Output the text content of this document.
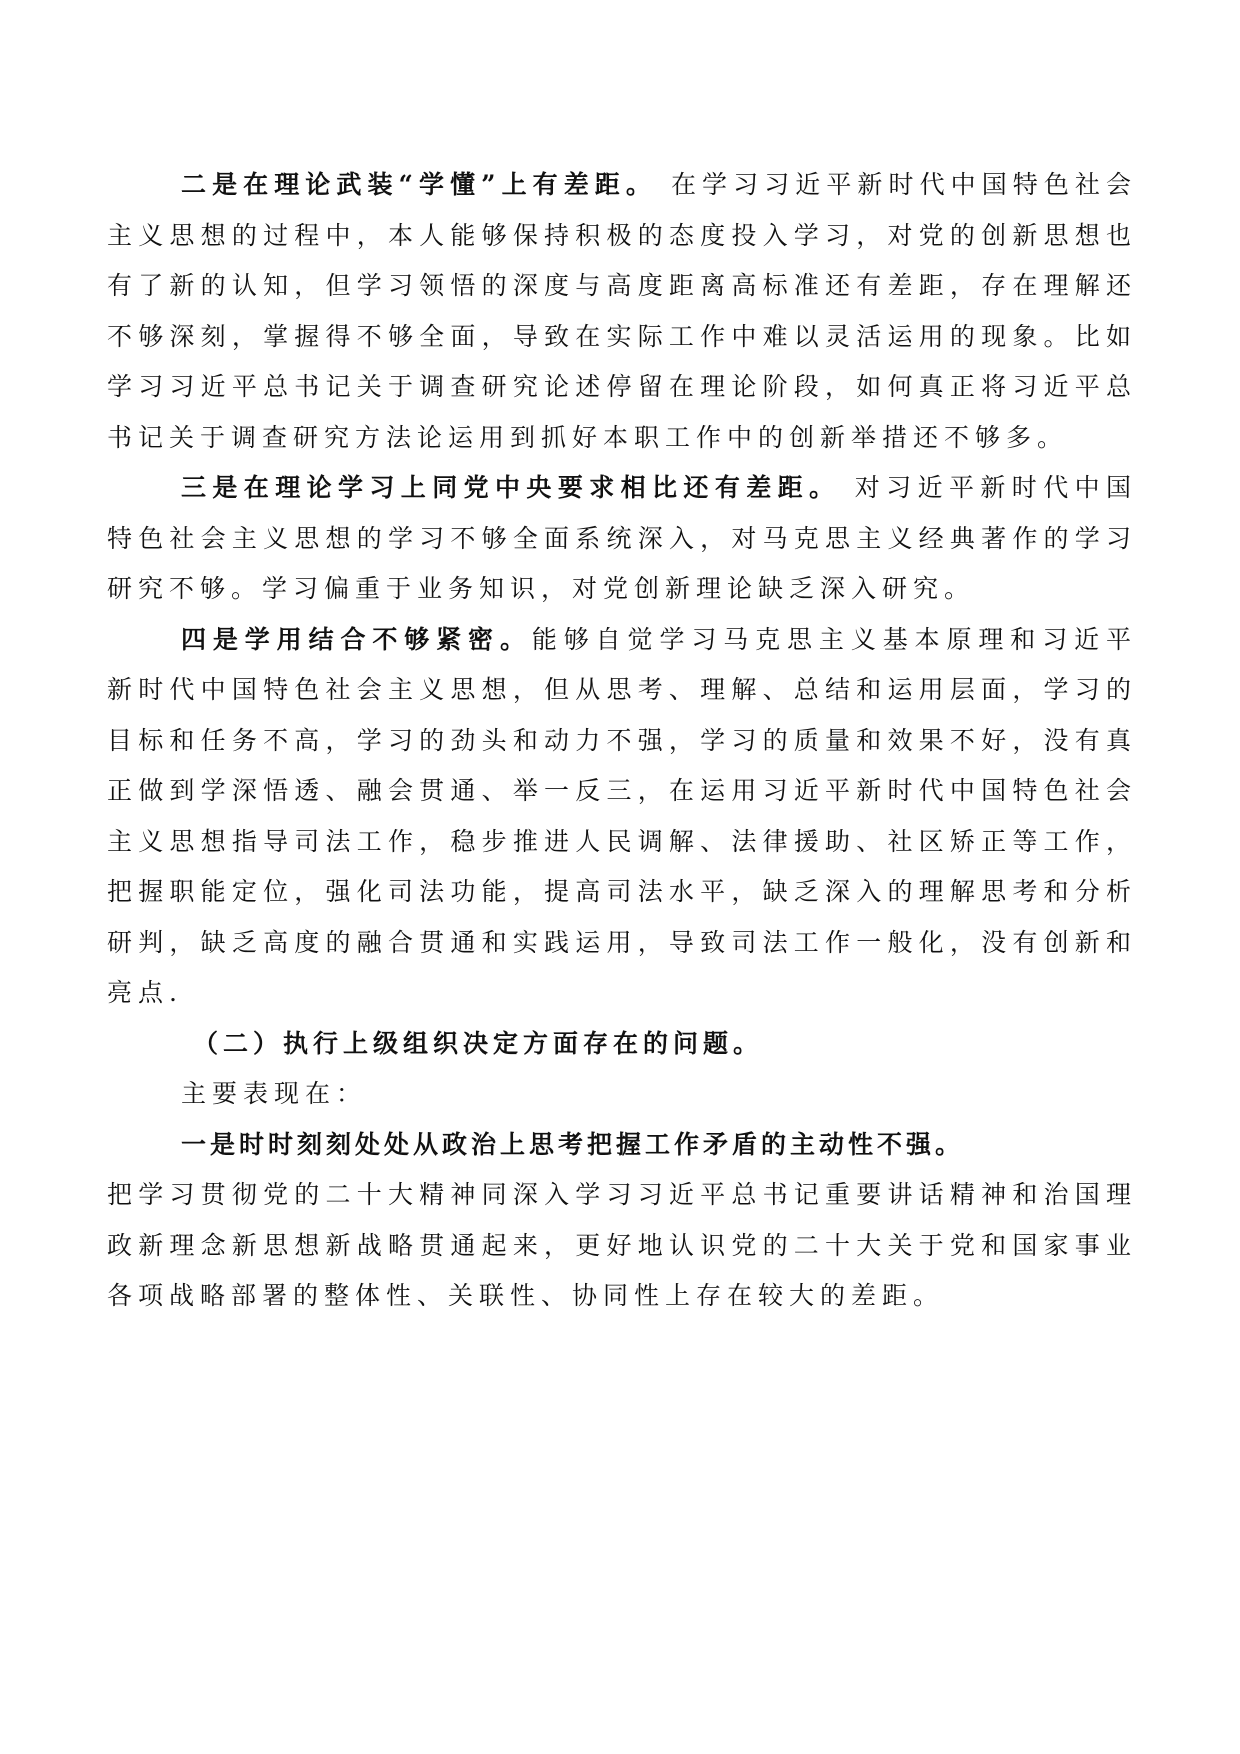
二是在理论武装“学懂”上有差距。 在学习习近平新时代中国特色社会主义思想的过程中，本人能够保持积极的态度投入学习，对党的创新思想也有了新的认知，但学习领悟的深度与高度距离高标准还有差距，存在理解还不够深刻，掌握得不够全面，导致在实际工作中难以灵活运用的现象。比如学习习近平总书记关于调查研究论述停留在理论阶段，如何真正将习近平总书记关于调查研究方法论运用到抓好本职工作中的创新举措还不够多。

三是在理论学习上同党中央要求相比还有差距。 对习近平新时代中国特色社会主义思想的学习不够全面系统深入，对马克思主义经典著作的学习研究不够。学习偏重于业务知识，对党创新理论缺乏深入研究。

四是学用结合不够紧密。能够自觉学习马克思主义基本原理和习近平新时代中国特色社会主义思想，但从思考、理解、总结和运用层面，学习的目标和任务不高，学习的劲头和动力不强，学习的质量和效果不好，没有真正做到学深悟透、融会贯通、举一反三，在运用习近平新时代中国特色社会主义思想指导司法工作，稳步推进人民调解、法律援助、社区矫正等工作，把握职能定位，强化司法功能，提高司法水平，缺乏深入的理解思考和分析研判，缺乏高度的融合贯通和实践运用，导致司法工作一般化，没有创新和亮点.

（二）执行上级组织决定方面存在的问题。

主要表现在：

一是时时刻刻处处从政治上思考把握工作矛盾的主动性不强。

把学习贯彻党的二十大精神同深入学习习近平总书记重要讲话精神和治国理政新理念新思想新战略贯通起来，更好地认识党的二十大关于党和国家事业各项战略部署的整体性、关联性、协同性上存在较大的差距。
